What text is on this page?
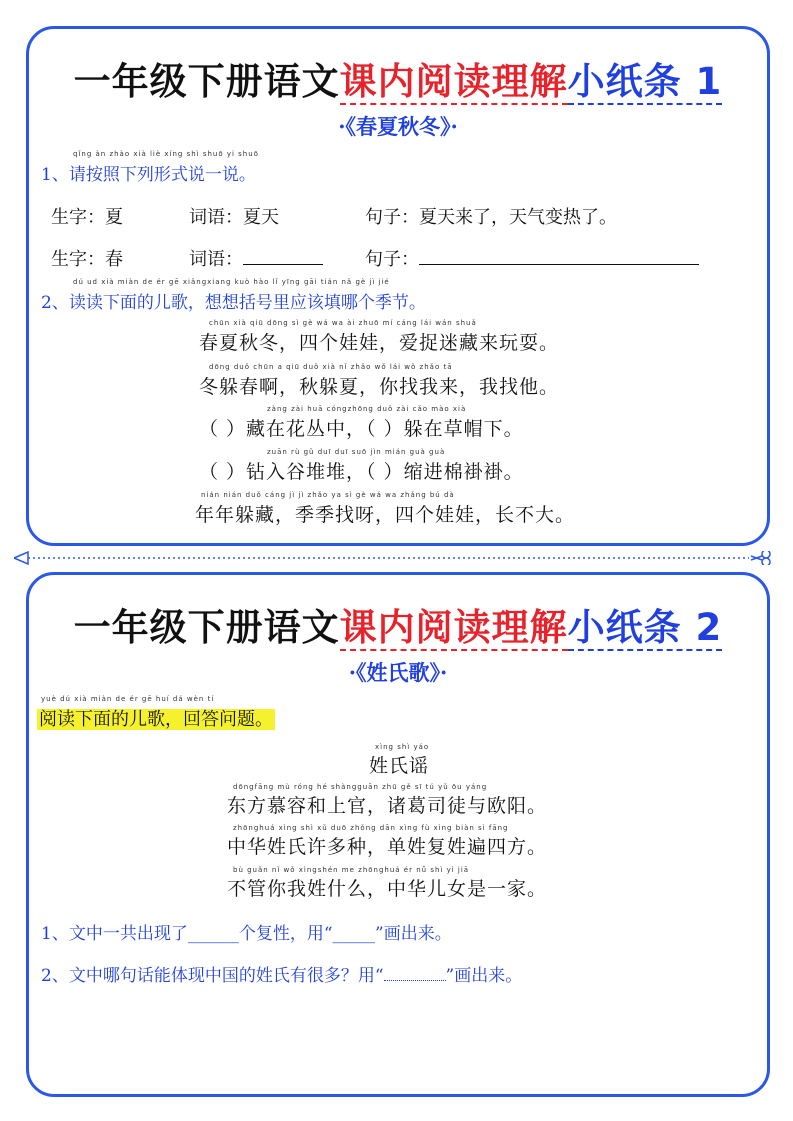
一年级下册语文课内阅读理解小纸条 1
·《春夏秋冬》·
qǐng àn zhào xià liè xíng shì shuō yi shuō
1、请按照下列形式说一说。
生字：夏	词语：夏天	句子：夏天来了，天气变热了。
生字：春	词语：	句子：
dú ud xià miàn de ér gē xiǎngxiang kuò hào lǐ yīng gāi tián nǎ gè jì jié
2、读读下面的儿歌，想想括号里应该填哪个季节。
chūn xià qiū dōng sì gè wá wa ài zhuō mí cáng lái wán shuǎ
春夏秋冬，四个娃娃，爱捉迷藏来玩耍。
dōng duǒ chūn a qiū duǒ xià nǐ zhǎo wǒ lái wǒ zhǎo tā
冬躲春啊，秋躲夏，你找我来，我找他。
zàng zài huā cóngzhōng duǒ zài cǎo mào xià
（ ）藏在花丛中，（ ）躲在草帽下。
zuān rù gǔ duī duī suō jìn mián guà guà
（ ）钻入谷堆堆，（ ）缩进棉褂褂。
nián nián duǒ cáng jì jì zhǎo ya sì gè wá wa zhǎng bú dà
年年躲藏，季季找呀，四个娃娃，长不大。
一年级下册语文课内阅读理解小纸条 2
·《姓氏歌》·
yuè dú xià miàn de ér gē huí dá wèn tí
阅读下面的儿歌，回答问题。
xìng shì yáo
姓氏谣
dōngfāng mù róng hé shàngguān zhū gě sī tú yǔ ōu yáng
东方慕容和上官，诸葛司徒与欧阳。
zhōnghuá xìng shì xǔ duō zhǒng dān xìng fù xìng biàn sì fāng
中华姓氏许多种，单姓复姓遍四方。
bù guǎn nǐ wǒ xìngshén me zhōnghuá ér nǚ shì yì jiā
不管你我姓什么，中华儿女是一家。
1、文中一共出现了______个复性，用“_____”画出来。
2、文中哪句话能体现中国的姓氏有很多？用“	”画出来。
